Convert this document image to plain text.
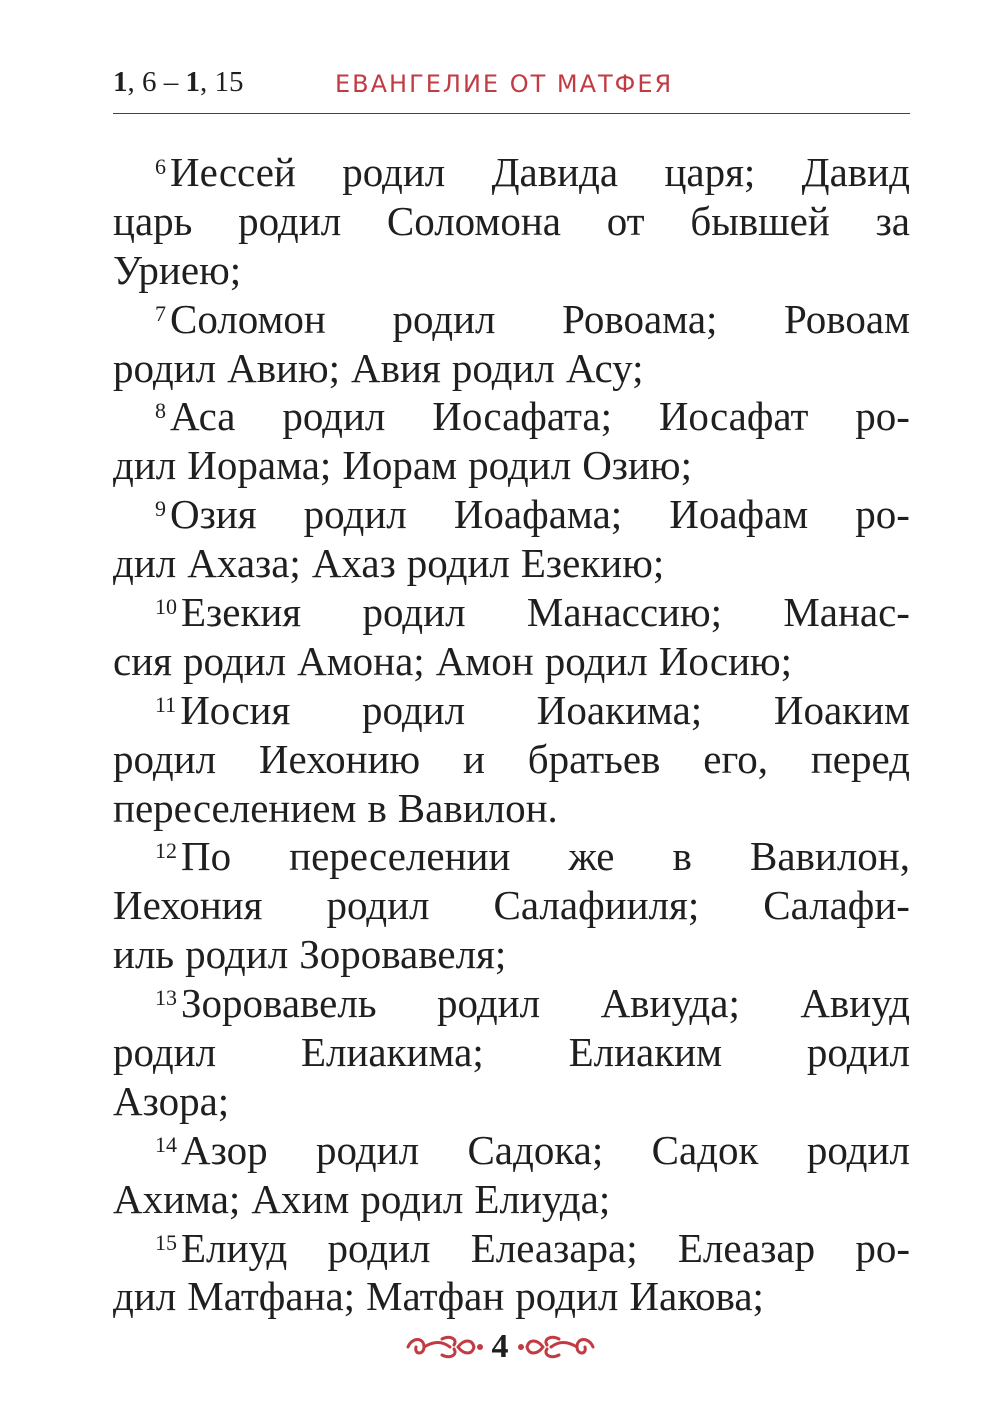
1, 6 – 1, 15	ЕВАНГЕЛИЕ ОТ МАТФЕЯ
$^6$Иессей родил Давида царя; Давид
царь родил Соломона от бывшей за
Уриею;
$^7$Соломон родил Ровоама; Ровоам
родил Авию; Авия родил Асу;
$^8$Аса родил Иосафата; Иосафат ро-
дил Иорама; Иорам родил Озию;
$^9$Озия родил Иоафама; Иоафам ро-
дил Ахаза; Ахаз родил Езекию;
$^{10}$Езекия родил Манассию; Манас-
сия родил Амона; Амон родил Иосию;
$^{11}$Иосия родил Иоакима; Иоаким
родил Иехонию и братьев его, перед
переселением в Вавилон.
$^{12}$По переселении же в Вавилон,
Иехония родил Салафииля; Салафи-
иль родил Зоровавеля;
$^{13}$Зоровавель родил Авиуда; Авиуд
родил Елиакима; Елиаким родил
Азора;
$^{14}$Азор родил Садока; Садок родил
Ахима; Ахим родил Елиуда;
$^{15}$Елиуд родил Елеазара; Елеазар ро-
дил Матфана; Матфан родил Иакова;
4
